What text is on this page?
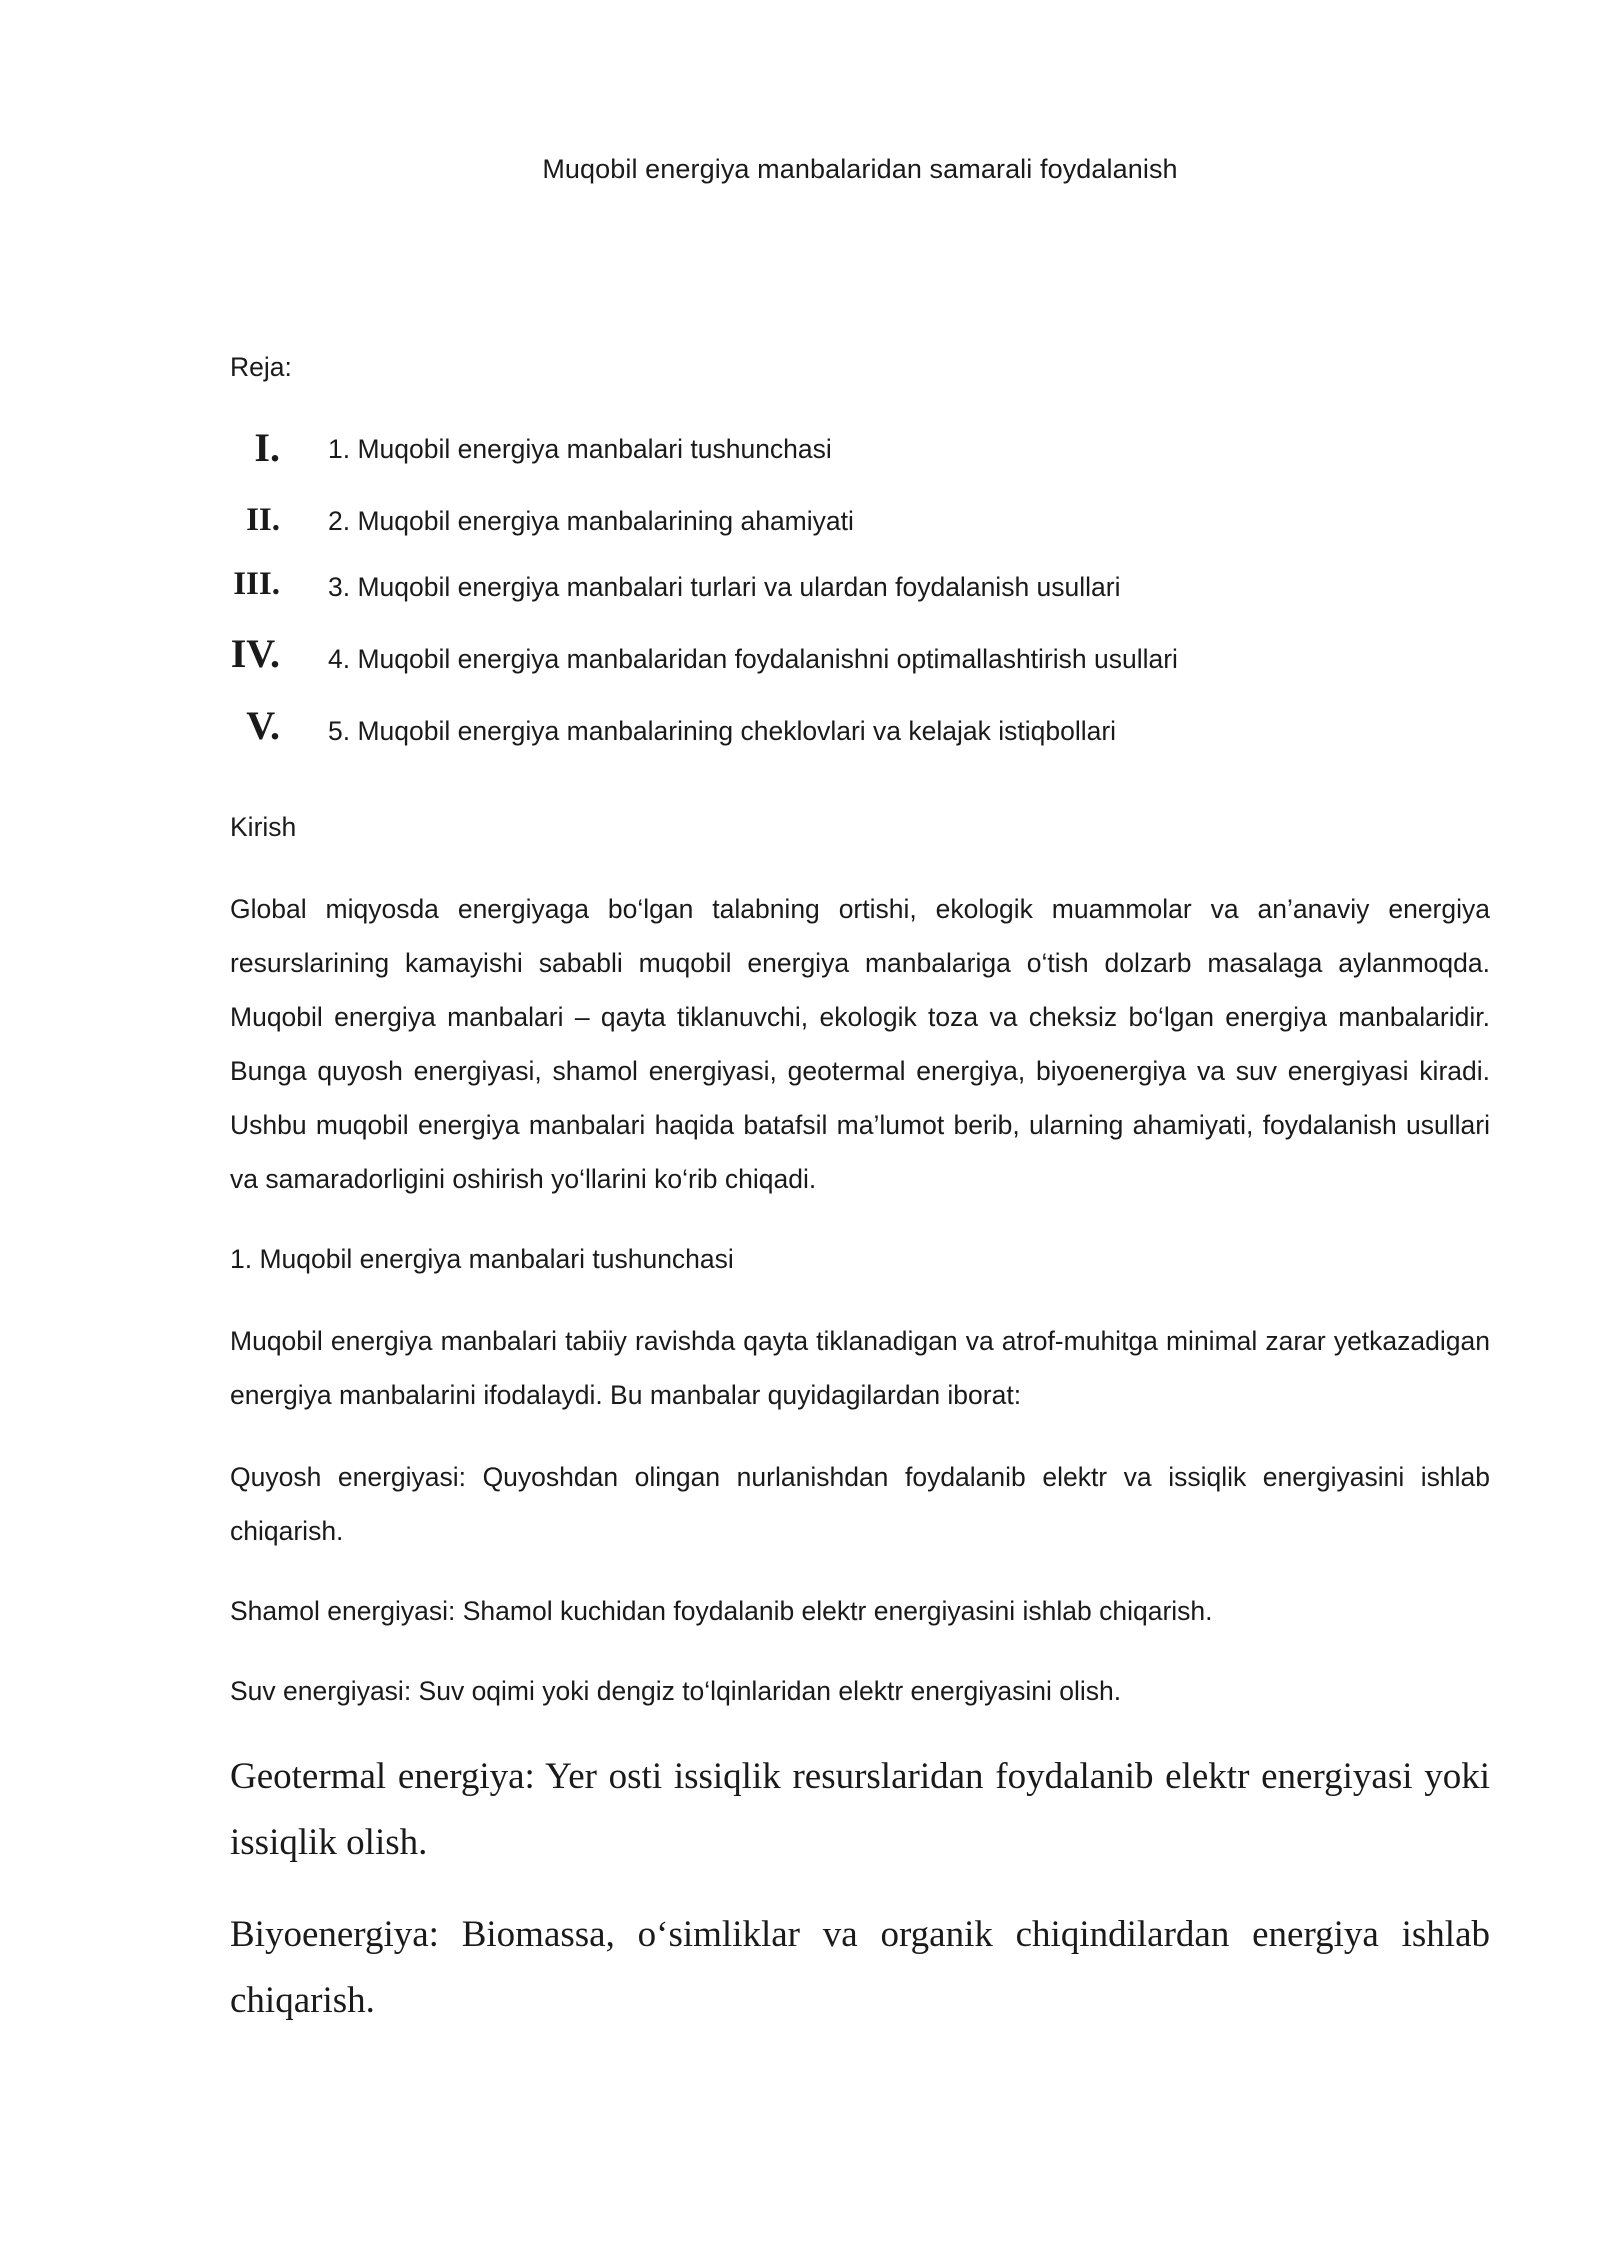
Muqobil energiya manbalaridan samarali foydalanish

Reja:

I. 1. Muqobil energiya manbalari tushunchasi
II. 2. Muqobil energiya manbalarining ahamiyati
III. 3. Muqobil energiya manbalari turlari va ulardan foydalanish usullari
IV. 4. Muqobil energiya manbalaridan foydalanishni optimallashtirish usullari
V. 5. Muqobil energiya manbalarining cheklovlari va kelajak istiqbollari

Kirish

Global miqyosda energiyaga bo‘lgan talabning ortishi, ekologik muammolar va an’anaviy energiya resurslarining kamayishi sababli muqobil energiya manbalariga o‘tish dolzarb masalaga aylanmoqda. Muqobil energiya manbalari – qayta tiklanuvchi, ekologik toza va cheksiz bo‘lgan energiya manbalaridir. Bunga quyosh energiyasi, shamol energiyasi, geotermal energiya, biyoenergiya va suv energiyasi kiradi. Ushbu muqobil energiya manbalari haqida batafsil ma’lumot berib, ularning ahamiyati, foydalanish usullari va samaradorligini oshirish yo‘llarini ko‘rib chiqadi.

1. Muqobil energiya manbalari tushunchasi

Muqobil energiya manbalari tabiiy ravishda qayta tiklanadigan va atrof-muhitga minimal zarar yetkazadigan energiya manbalarini ifodalaydi. Bu manbalar quyidagilardan iborat:

Quyosh energiyasi: Quyoshdan olingan nurlanishdan foydalanib elektr va issiqlik energiyasini ishlab chiqarish.

Shamol energiyasi: Shamol kuchidan foydalanib elektr energiyasini ishlab chiqarish.

Suv energiyasi: Suv oqimi yoki dengiz to‘lqinlaridan elektr energiyasini olish.

Geotermal energiya: Yer osti issiqlik resurslaridan foydalanib elektr energiyasi yoki issiqlik olish.

Biyoenergiya: Biomassa, o‘simliklar va organik chiqindilardan energiya ishlab chiqarish.
